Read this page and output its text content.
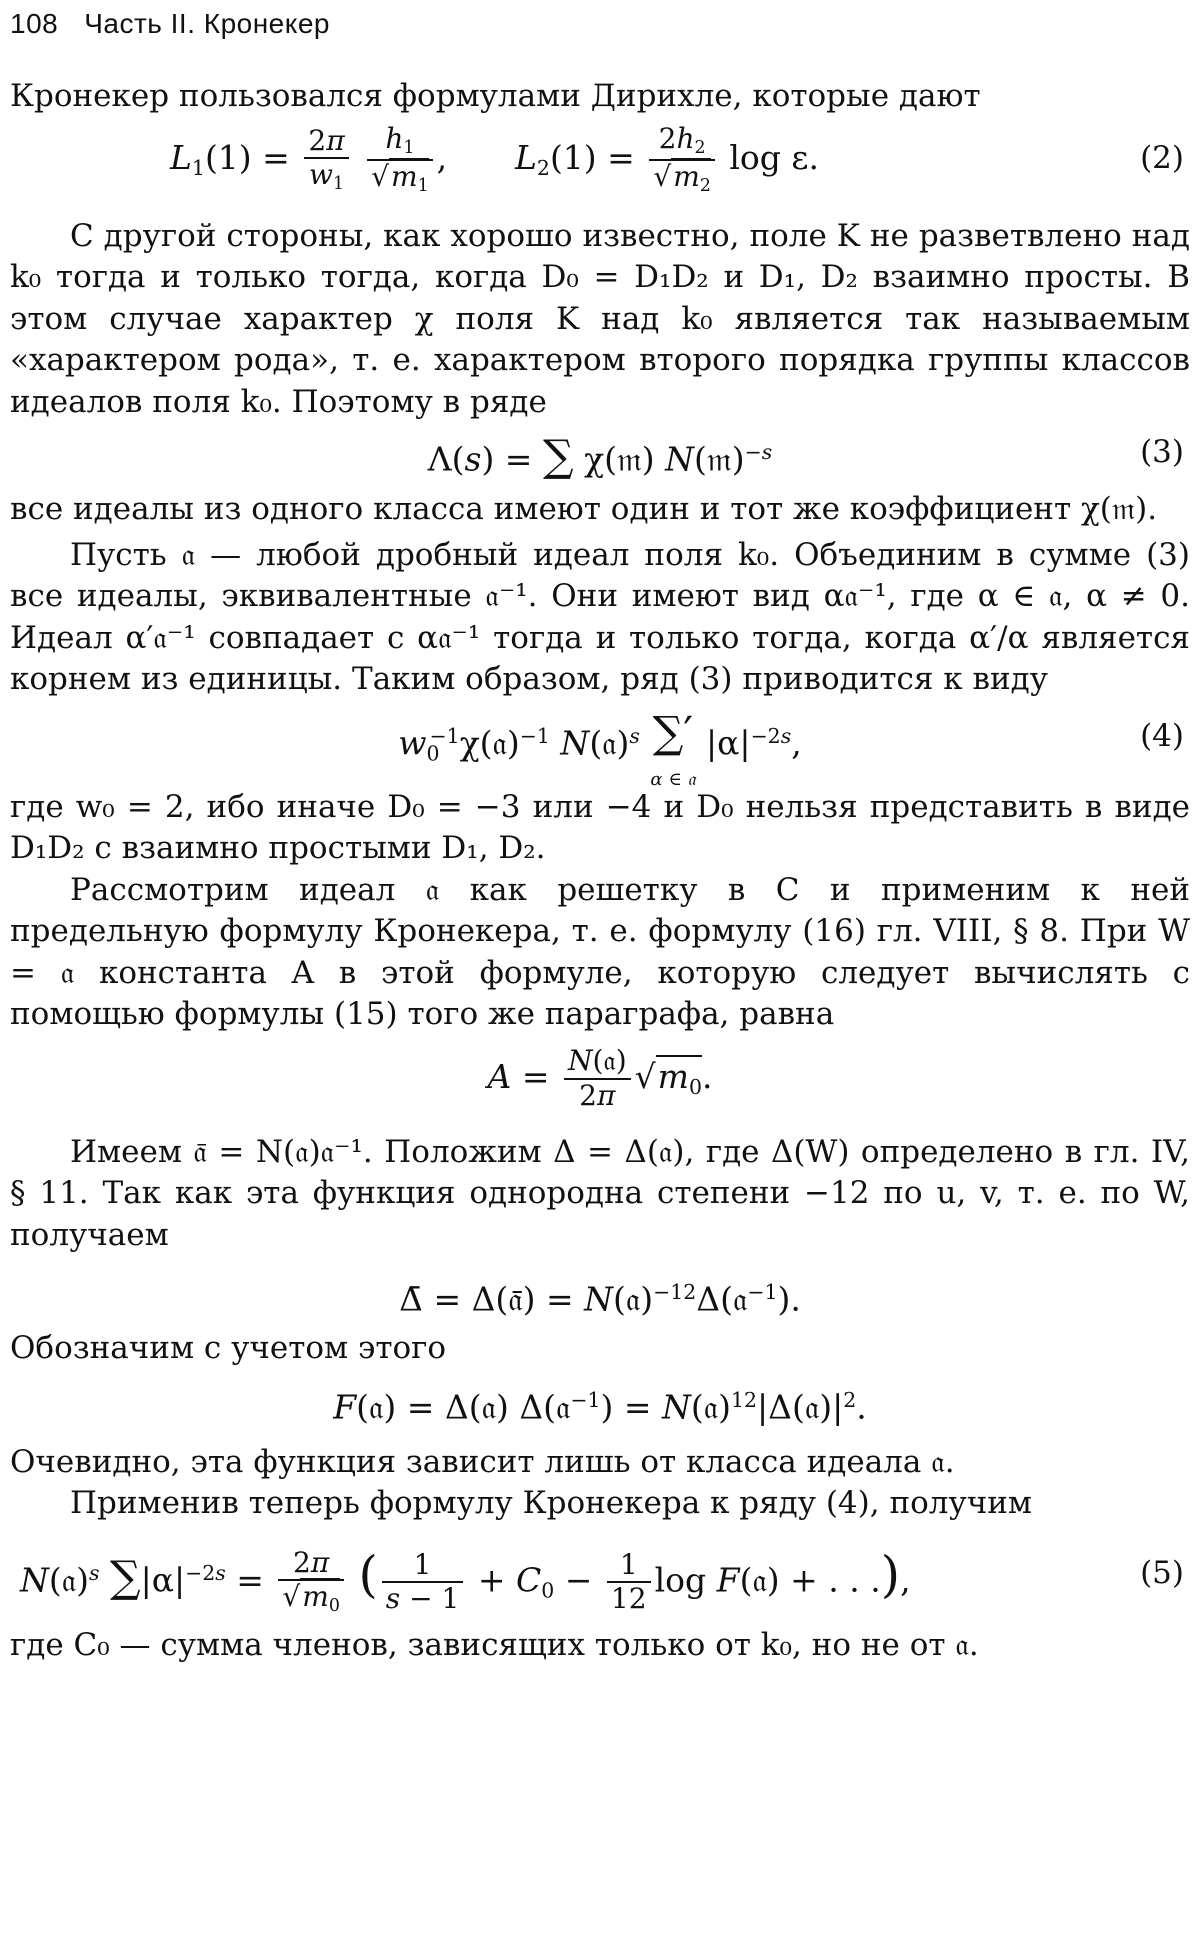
108 Часть II. Кронекер

Кронекер пользовался формулами Дирихле, которые дают

$L_1(1) = \frac{2\pi}{w_1}$
$\frac{h_1}{√m_1}$ , $L_2(1) = \frac{2h_2}{√m_2}$ log ε.	(2)

С другой стороны, как хорошо известно, поле K не разветвлено над k₀ тогда и только тогда, когда D₀ = D₁D₂ и D₁, D₂ взаимно просты. В этом случае характер χ поля K над k₀ является так называемым «характером рода», т. е. характером второго порядка группы классов идеалов поля k₀. Поэтому в ряде

Λ(s) = ∑ χ(𝔪) N(𝔪)$^{-s}$	(3)

все идеалы из одного класса имеют один и тот же коэффициент χ(𝔪).

Пусть 𝔞 — любой дробный идеал поля k₀. Объединим в сумме (3) все идеалы, эквивалентные 𝔞⁻¹. Они имеют вид α𝔞⁻¹, где α ∈ 𝔞, α ≠ 0. Идеал α′𝔞⁻¹ совпадает с α𝔞⁻¹ тогда и только тогда, когда α′/α является корнем из единицы. Таким образом, ряд (3) приводится к виду

$w_0^{-1}\chi(𝔞)^{-1}$ N(𝔞)$^s$ ∑′
α ∈ 𝔞
$|\alpha|^{-2s}$,	(4)

где w₀ = 2, ибо иначе D₀ = −3 или −4 и D₀ нельзя представить в виде D₁D₂ с взаимно простыми D₁, D₂.

Рассмотрим идеал 𝔞 как решетку в C и применим к ней предельную формулу Кронекера, т. е. формулу (16) гл. VIII, § 8. При W = 𝔞 константа A в этой формуле, которую следует вычислять с помощью формулы (15) того же параграфа, равна

$A = \frac{\text{N(𝔞)}}{2\pi} √m_0$.

Имеем 𝔞̄ = N(𝔞)𝔞⁻¹. Положим Δ = Δ(𝔞), где Δ(W) определено в гл. IV, § 11. Так как эта функция однородна степени −12 по u, v, т. е. по W, получаем

Δ̄ = Δ(𝔞̄) = N(𝔞)$^{-12}$Δ(𝔞$^{-1}$).

Обозначим с учетом этого

F(𝔞) = Δ(𝔞) Δ(𝔞$^{-1}$) = $N(𝔞)^{12}|\Delta(𝔞)|^2$.

Очевидно, эта функция зависит лишь от класса идеала 𝔞.

Применив теперь формулу Кронекера к ряду (4), получим

N(𝔞)$^s$ $\sum|\alpha|^{-2s} = \frac{2\pi}{√m_0}$ ( $\frac{1}{s - 1} + C_0 - \frac{1}{12}$ log F(𝔞) + . . .),	(5)

где C₀ — сумма членов, зависящих только от k₀, но не от 𝔞.
